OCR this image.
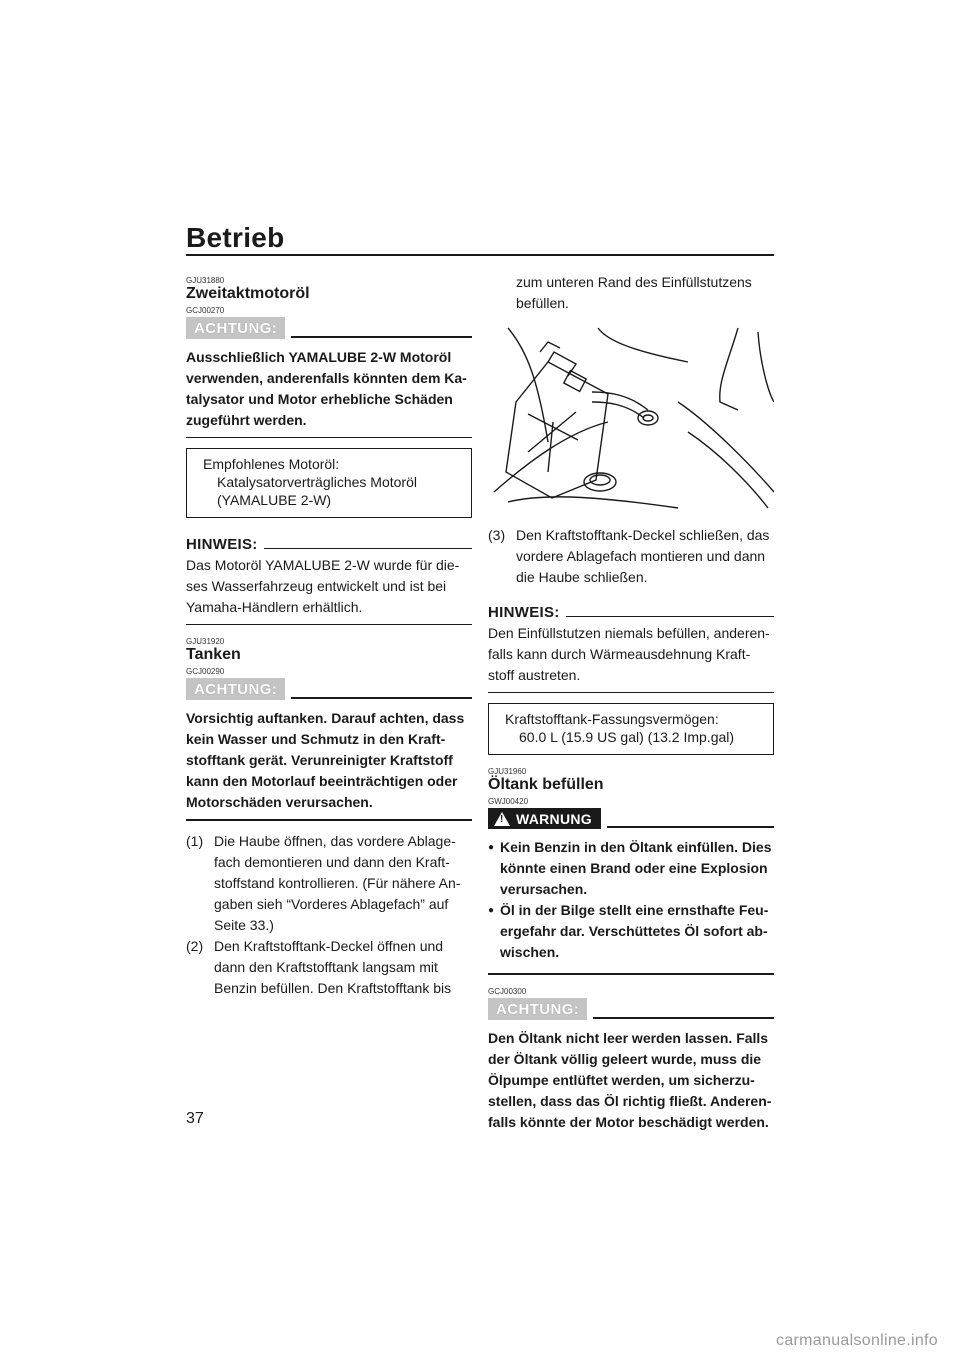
Betrieb
GJU31880
Zweitaktmotoröl
GCJ00270
ACHTUNG:
Ausschließlich YAMALUBE 2-W Motoröl
verwenden, anderenfalls könnten dem Ka-
talysator und Motor erhebliche Schäden
zugeführt werden.
Empfohlenes Motoröl:
Katalysatorverträgliches Motoröl
(YAMALUBE 2-W)
HINWEIS:
Das Motoröl YAMALUBE 2-W wurde für die-
ses Wasserfahrzeug entwickelt und ist bei
Yamaha-Händlern erhältlich.
GJU31920
Tanken
GCJ00290
ACHTUNG:
Vorsichtig auftanken. Darauf achten, dass
kein Wasser und Schmutz in den Kraft-
stofftank gerät. Verunreinigter Kraftstoff
kann den Motorlauf beeinträchtigen oder
Motorschäden verursachen.
(1) Die Haube öffnen, das vordere Ablage-
fach demontieren und dann den Kraft-
stoffstand kontrollieren. (Für nähere An-
gaben sieh “Vorderes Ablagefach” auf
Seite 33.)
(2) Den Kraftstofftank-Deckel öffnen und
dann den Kraftstofftank langsam mit
Benzin befüllen. Den Kraftstofftank bis
zum unteren Rand des Einfüllstutzens
befüllen.
(3) Den Kraftstofftank-Deckel schließen, das
vordere Ablagefach montieren und dann
die Haube schließen.
HINWEIS:
Den Einfüllstutzen niemals befüllen, anderen-
falls kann durch Wärmeausdehnung Kraft-
stoff austreten.
Kraftstofftank-Fassungsvermögen:
60.0 L (15.9 US gal) (13.2 Imp.gal)
GJU31960
Öltank befüllen
GWJ00420
! WARNUNG
● Kein Benzin in den Öltank einfüllen. Dies
könnte einen Brand oder eine Explosion
verursachen.
● Öl in der Bilge stellt eine ernsthafte Feu-
ergefahr dar. Verschüttetes Öl sofort ab-
wischen.
GCJ00300
ACHTUNG:
Den Öltank nicht leer werden lassen. Falls
der Öltank völlig geleert wurde, muss die
Ölpumpe entlüftet werden, um sicherzu-
stellen, dass das Öl richtig fließt. Anderen-
falls könnte der Motor beschädigt werden.
37
carmanualsonline.info
